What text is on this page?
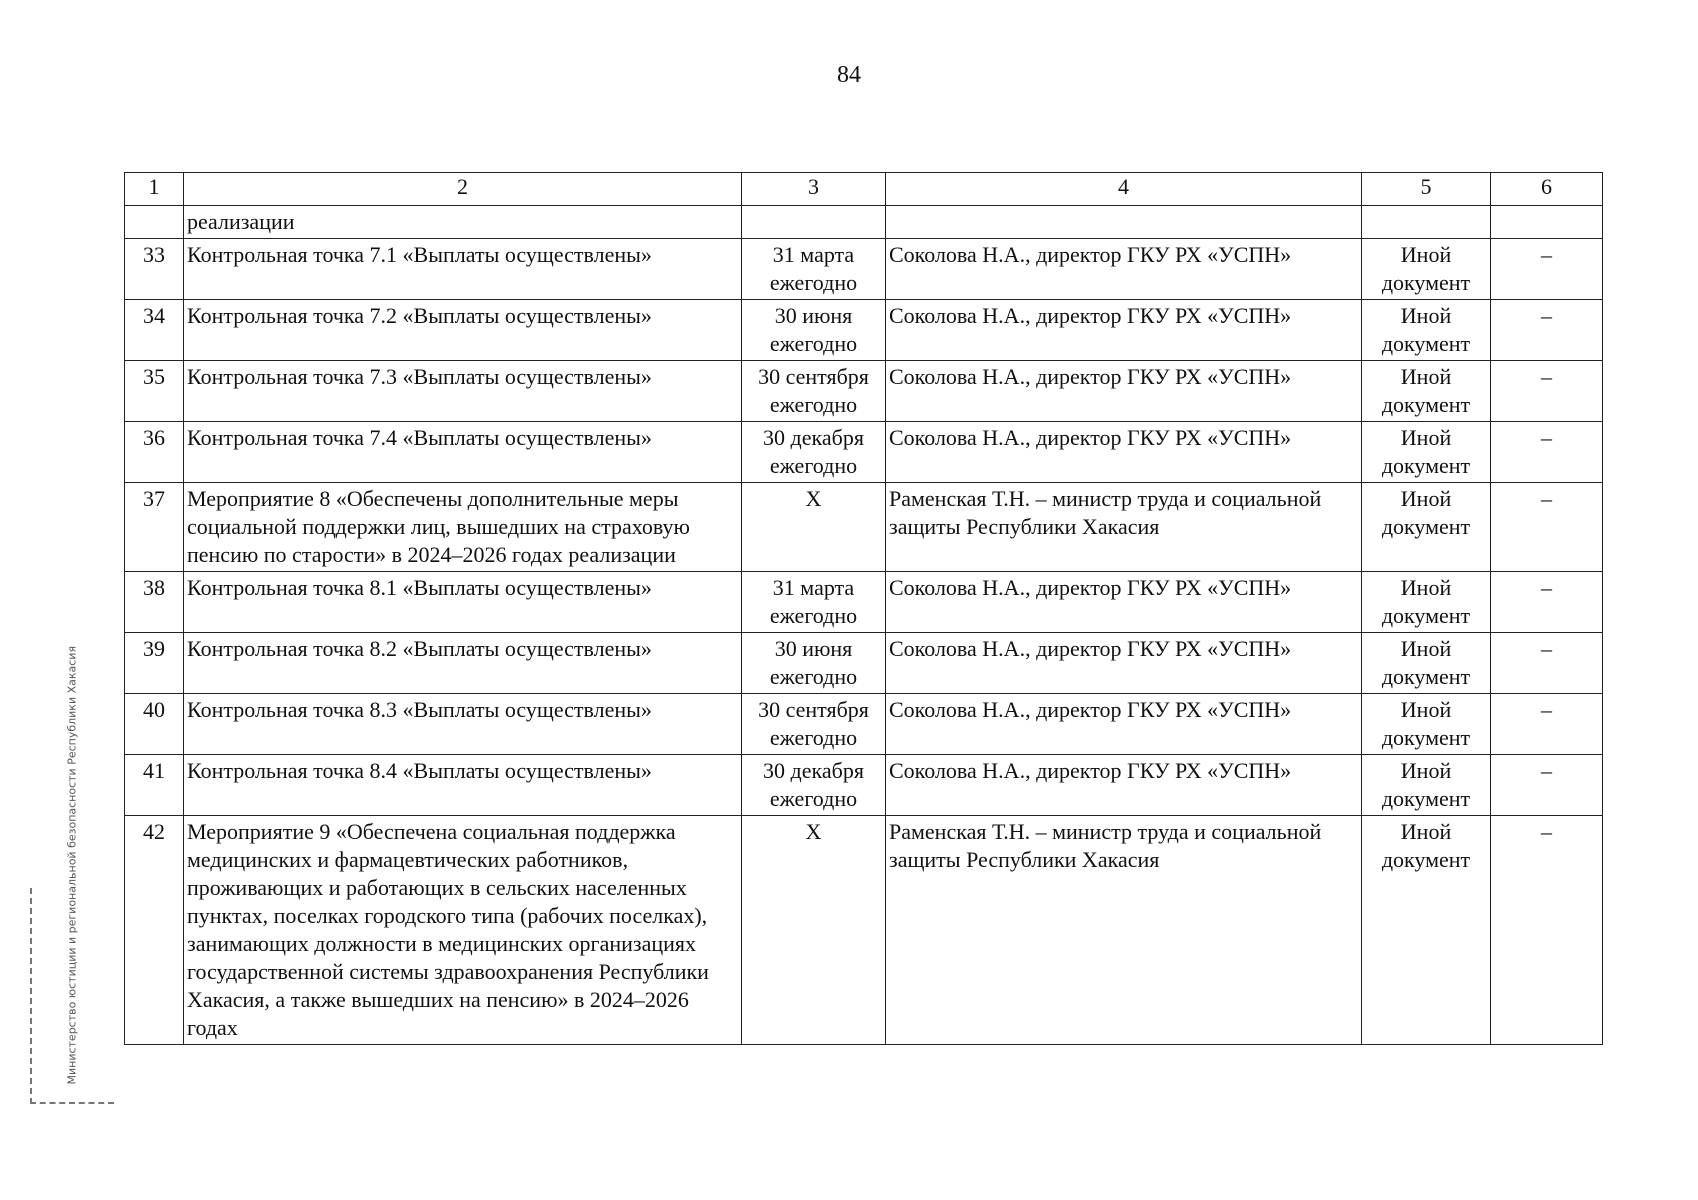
84
1	2	3	4	5	6
	реализации				
33	Контрольная точка 7.1 «Выплаты осуществлены»	31 марта ежегодно	Соколова Н.А., директор ГКУ РХ «УСПН»	Иной документ	–
34	Контрольная точка 7.2 «Выплаты осуществлены»	30 июня ежегодно	Соколова Н.А., директор ГКУ РХ «УСПН»	Иной документ	–
35	Контрольная точка 7.3 «Выплаты осуществлены»	30 сентября ежегодно	Соколова Н.А., директор ГКУ РХ «УСПН»	Иной документ	–
36	Контрольная точка 7.4 «Выплаты осуществлены»	30 декабря ежегодно	Соколова Н.А., директор ГКУ РХ «УСПН»	Иной документ	–
37	Мероприятие 8 «Обеспечены дополнительные меры социальной поддержки лиц, вышедших на страховую пенсию по старости» в 2024–2026 годах реализации	X	Раменская Т.Н. – министр труда и социальной защиты Республики Хакасия	Иной документ	–
38	Контрольная точка 8.1 «Выплаты осуществлены»	31 марта ежегодно	Соколова Н.А., директор ГКУ РХ «УСПН»	Иной документ	–
39	Контрольная точка 8.2 «Выплаты осуществлены»	30 июня ежегодно	Соколова Н.А., директор ГКУ РХ «УСПН»	Иной документ	–
40	Контрольная точка 8.3 «Выплаты осуществлены»	30 сентября ежегодно	Соколова Н.А., директор ГКУ РХ «УСПН»	Иной документ	–
41	Контрольная точка 8.4 «Выплаты осуществлены»	30 декабря ежегодно	Соколова Н.А., директор ГКУ РХ «УСПН»	Иной документ	–
42	Мероприятие 9 «Обеспечена социальная поддержка медицинских и фармацевтических работников, проживающих и работающих в сельских населенных пунктах, поселках городского типа (рабочих поселках), занимающих должности в медицинских организациях государственной системы здравоохранения Республики Хакасия, а также вышедших на пенсию» в 2024–2026 годах	X	Раменская Т.Н. – министр труда и социальной защиты Республики Хакасия	Иной документ	–
Министерство юстиции и региональной безопасности Республики Хакасия
